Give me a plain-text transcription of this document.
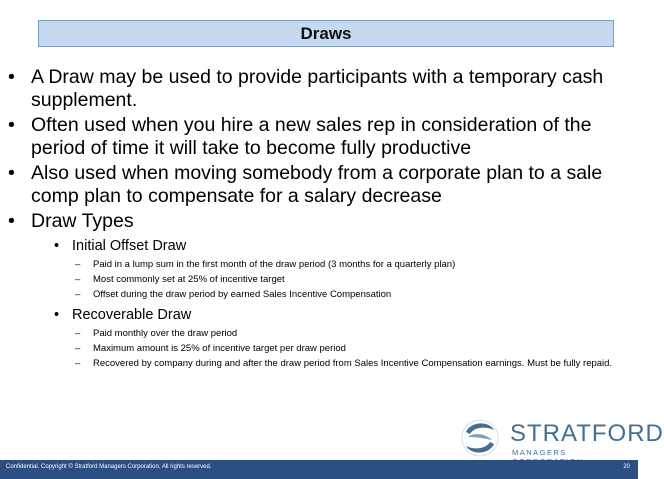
Draws
• A Draw may be used to provide participants with a temporary cash supplement.
• Often used when you hire a new sales rep in consideration of the period of time it will take to become fully productive
• Also used when moving somebody from a corporate plan to a sale comp plan to compensate for a salary decrease
• Draw Types
• Initial Offset Draw
– Paid in a lump sum in the first month of the draw period (3 months for a quarterly plan)
– Most commonly set at 25% of incentive target
– Offset during the draw period by earned Sales Incentive Compensation
• Recoverable Draw
– Paid monthly over the draw period
– Maximum amount is 25% of incentive target per draw period
– Recovered by company during and after the draw period from Sales Incentive Compensation earnings. Must be fully repaid.
STRATFORD
MANAGERS
Confidential. Copyright © Stratford Managers Corporation. All rights reserved.	20
